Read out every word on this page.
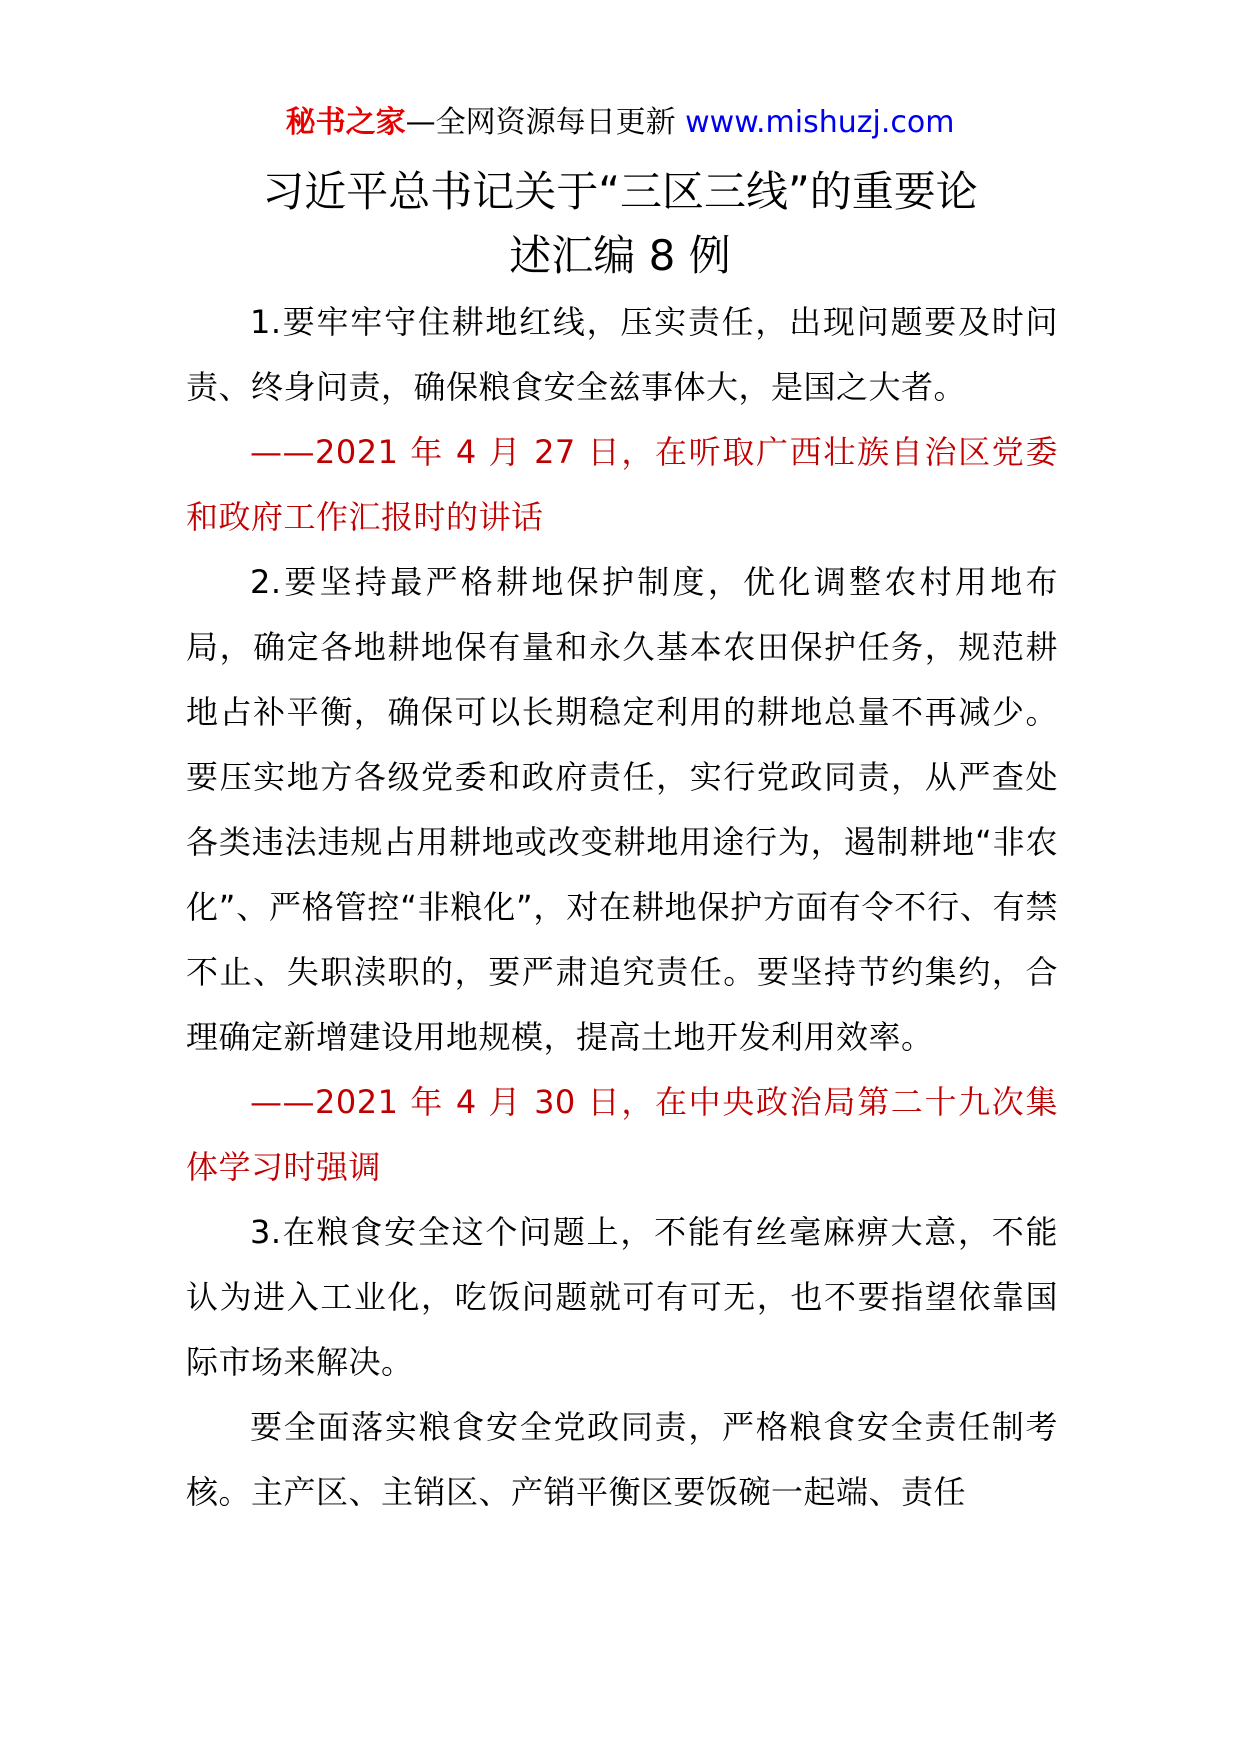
秘书之家—全网资源每日更新 www.mishuzj.com
习近平总书记关于“三区三线”的重要论
述汇编 8 例

1.要牢牢守住耕地红线，压实责任，出现问题要及时问责、终身问责，确保粮食安全兹事体大，是国之大者。

——2021 年 4 月 27 日，在听取广西壮族自治区党委和政府工作汇报时的讲话

2.要坚持最严格耕地保护制度，优化调整农村用地布局，确定各地耕地保有量和永久基本农田保护任务，规范耕地占补平衡，确保可以长期稳定利用的耕地总量不再减少。要压实地方各级党委和政府责任，实行党政同责，从严查处各类违法违规占用耕地或改变耕地用途行为，遏制耕地“非农化”、严格管控“非粮化”，对在耕地保护方面有令不行、有禁不止、失职渎职的，要严肃追究责任。要坚持节约集约，合理确定新增建设用地规模，提高土地开发利用效率。

——2021 年 4 月 30 日，在中央政治局第二十九次集体学习时强调

3.在粮食安全这个问题上，不能有丝毫麻痹大意，不能认为进入工业化，吃饭问题就可有可无，也不要指望依靠国际市场来解决。

要全面落实粮食安全党政同责，严格粮食安全责任制考核。主产区、主销区、产销平衡区要饭碗一起端、责任
